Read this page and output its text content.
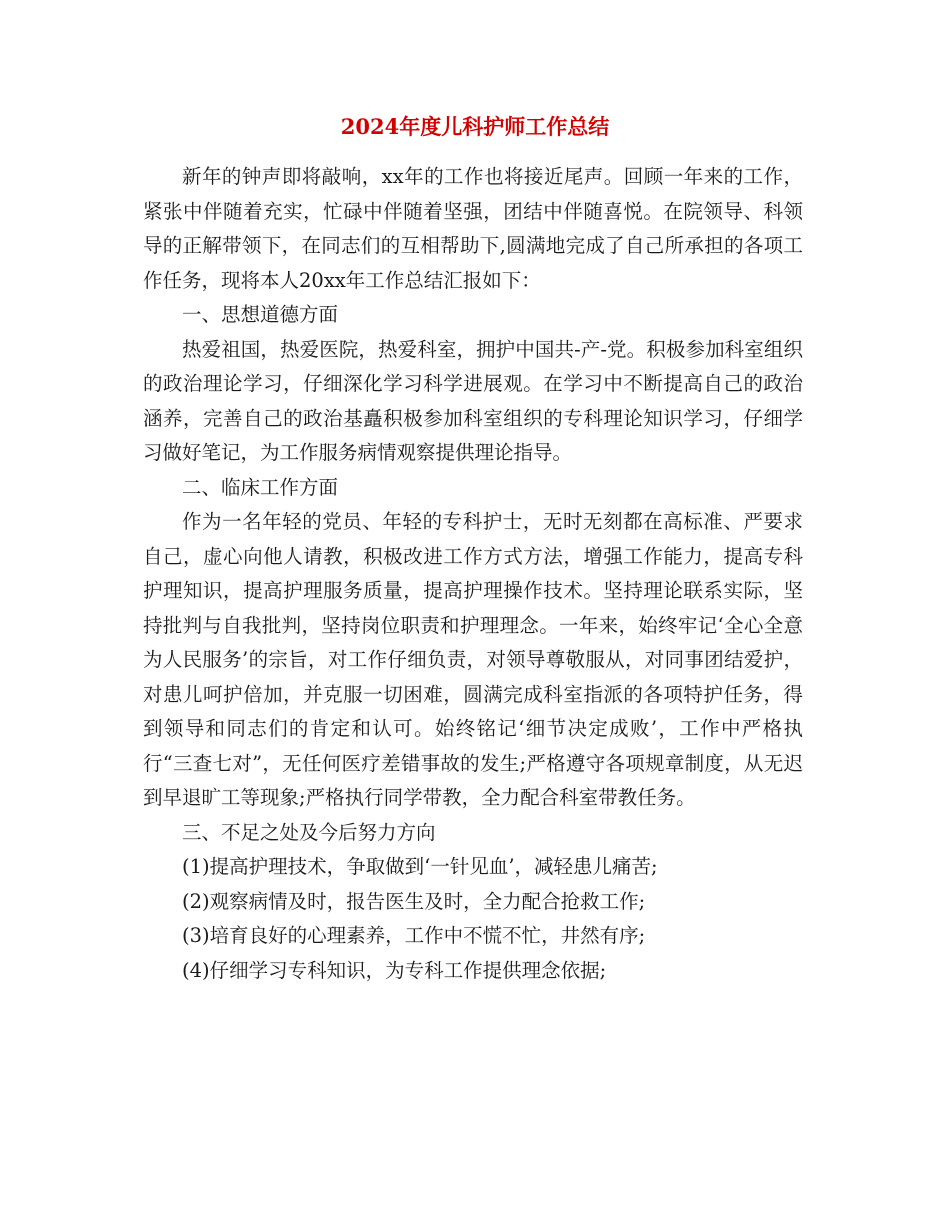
2024年度儿科护师工作总结

新年的钟声即将敲响，xx年的工作也将接近尾声。回顾一年来的工作，紧张中伴随着充实，忙碌中伴随着坚强，团结中伴随喜悦。在院领导、科领导的正解带领下，在同志们的互相帮助下,圆满地完成了自己所承担的各项工作任务，现将本人20xx年工作总结汇报如下：

一、思想道德方面

热爱祖国，热爱医院，热爱科室，拥护中国共-产-党。积极参加科室组织的政治理论学习，仔细深化学习科学进展观。在学习中不断提高自己的政治涵养，完善自己的政治基矗积极参加科室组织的专科理论知识学习，仔细学习做好笔记，为工作服务病情观察提供理论指导。

二、临床工作方面

作为一名年轻的党员、年轻的专科护士，无时无刻都在高标准、严要求自己，虚心向他人请教，积极改进工作方式方法，增强工作能力，提高专科护理知识，提高护理服务质量，提高护理操作技术。坚持理论联系实际，坚持批判与自我批判，坚持岗位职责和护理理念。一年来，始终牢记‘全心全意为人民服务’的宗旨，对工作仔细负责，对领导尊敬服从，对同事团结爱护，对患儿呵护倍加，并克服一切困难，圆满完成科室指派的各项特护任务，得到领导和同志们的肯定和认可。始终铭记‘细节决定成败’，工作中严格执行“三查七对”，无任何医疗差错事故的发生;严格遵守各项规章制度，从无迟到早退旷工等现象;严格执行同学带教，全力配合科室带教任务。

三、不足之处及今后努力方向

(1)提高护理技术，争取做到‘一针见血’，减轻患儿痛苦;

(2)观察病情及时，报告医生及时，全力配合抢救工作;

(3)培育良好的心理素养，工作中不慌不忙，井然有序;

(4)仔细学习专科知识，为专科工作提供理念依据;
